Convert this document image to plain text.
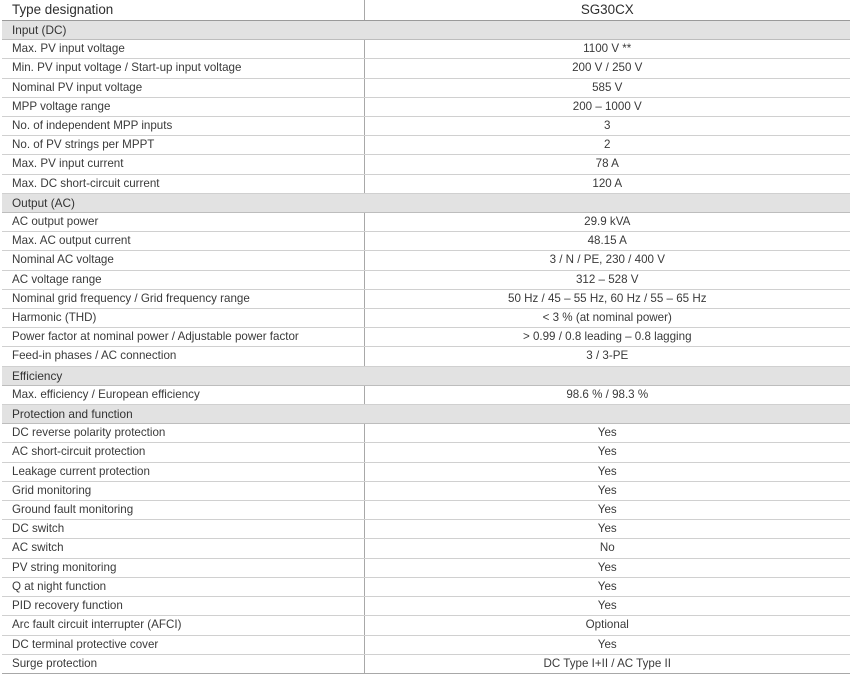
Type designation	SG30CX
Input (DC)	
Max. PV input voltage	1100 V **
Min. PV input voltage / Start-up input voltage	200 V / 250 V
Nominal PV input voltage	585 V
MPP voltage range	200 – 1000 V
No. of independent MPP inputs	3
No. of PV strings per MPPT	2
Max. PV input current	78 A
Max. DC short-circuit current	120 A
Output (AC)	
AC output power	29.9 kVA
Max. AC output current	48.15 A
Nominal AC voltage	3 / N / PE, 230 / 400 V
AC voltage range	312 – 528 V
Nominal grid frequency / Grid frequency range	50 Hz / 45 – 55 Hz, 60 Hz / 55 – 65 Hz
Harmonic (THD)	< 3 % (at nominal power)
Power factor at nominal power / Adjustable power factor	> 0.99 / 0.8 leading – 0.8 lagging
Feed-in phases / AC connection	3 / 3-PE
Efficiency	
Max. efficiency / European efficiency	98.6 % / 98.3 %
Protection and function	
DC reverse polarity protection	Yes
AC short-circuit protection	Yes
Leakage current protection	Yes
Grid monitoring	Yes
Ground fault monitoring	Yes
DC switch	Yes
AC switch	No
PV string monitoring	Yes
Q at night function	Yes
PID recovery function	Yes
Arc fault circuit interrupter (AFCI)	Optional
DC terminal protective cover	Yes
Surge protection	DC Type I+II / AC Type II
